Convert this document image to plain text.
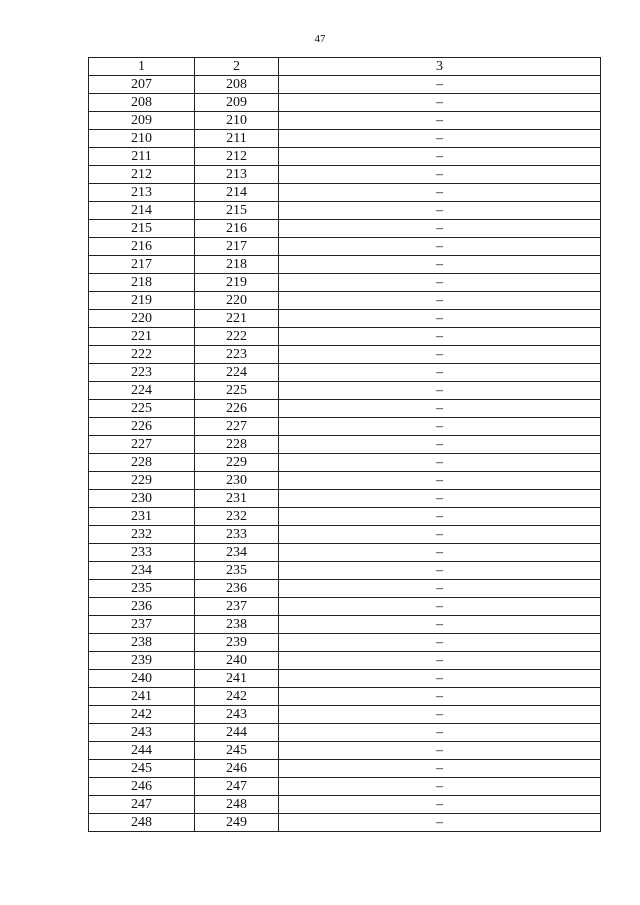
47
1	2	3
207	208	–
208	209	–
209	210	–
210	211	–
211	212	–
212	213	–
213	214	–
214	215	–
215	216	–
216	217	–
217	218	–
218	219	–
219	220	–
220	221	–
221	222	–
222	223	–
223	224	–
224	225	–
225	226	–
226	227	–
227	228	–
228	229	–
229	230	–
230	231	–
231	232	–
232	233	–
233	234	–
234	235	–
235	236	–
236	237	–
237	238	–
238	239	–
239	240	–
240	241	–
241	242	–
242	243	–
243	244	–
244	245	–
245	246	–
246	247	–
247	248	–
248	249	–
